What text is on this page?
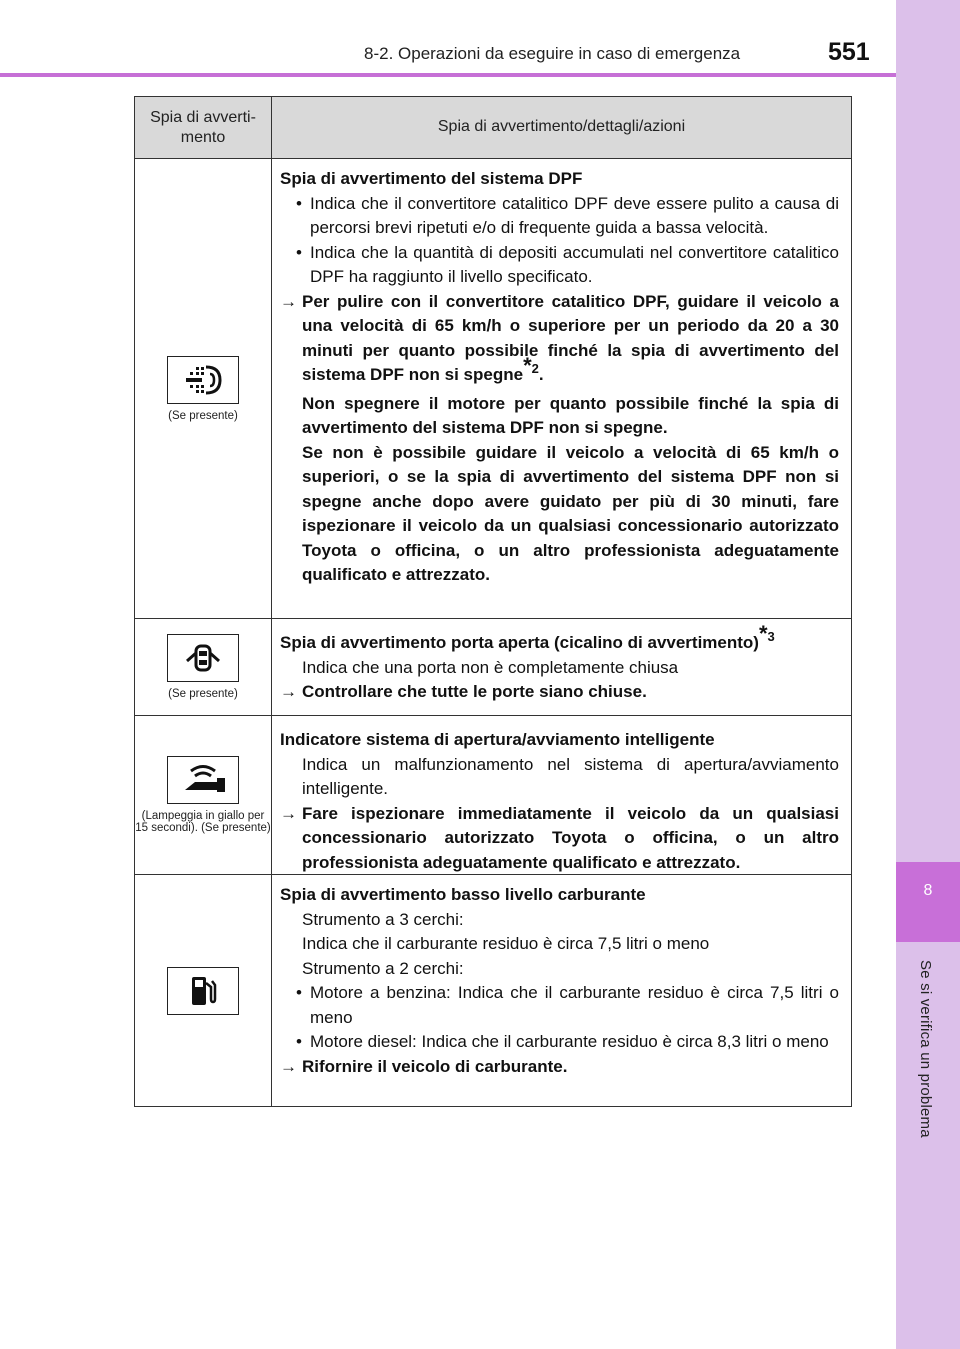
8-2. Operazioni da eseguire in caso di emergenza	551
8
Se si verifica un problema
Spia di avverti-
mento
Spia di avvertimento/dettagli/azioni
(Se presente)
Spia di avvertimento del sistema DPF
• Indica che il convertitore catalitico DPF deve essere pulito a causa di percorsi brevi ripetuti e/o di frequente guida a bassa velocità.
• Indica che la quantità di depositi accumulati nel convertitore catalitico DPF ha raggiunto il livello specificato.
→ Per pulire con il convertitore catalitico DPF, guidare il veicolo a una velocità di 65 km/h o superiore per un periodo da 20 a 30 minuti per quanto possibile finché la spia di avvertimento del sistema DPF non si spegne$^{*2}$.
Non spegnere il motore per quanto possibile finché la spia di avvertimento del sistema DPF non si spegne.
Se non è possibile guidare il veicolo a velocità di 65 km/h o superiori, o se la spia di avvertimento del sistema DPF non si spegne anche dopo avere guidato per più di 30 minuti, fare ispezionare il veicolo da un qualsiasi concessionario autorizzato Toyota o officina, o un altro professionista adeguatamente qualificato e attrezzato.
(Se presente)
Spia di avvertimento porta aperta (cicalino di avvertimento)$^{*3}$
Indica che una porta non è completamente chiusa
→ Controllare che tutte le porte siano chiuse.
(Lampeggia in giallo per 15 secondi). (Se presente)
Indicatore sistema di apertura/avviamento intelligente
Indica un malfunzionamento nel sistema di apertura/avviamento intelligente.
→ Fare ispezionare immediatamente il veicolo da un qualsiasi concessionario autorizzato Toyota o officina, o un altro professionista adeguatamente qualificato e attrezzato.
Spia di avvertimento basso livello carburante
Strumento a 3 cerchi:
Indica che il carburante residuo è circa 7,5 litri o meno
Strumento a 2 cerchi:
• Motore a benzina: Indica che il carburante residuo è circa 7,5 litri o meno
• Motore diesel: Indica che il carburante residuo è circa 8,3 litri o meno
→ Rifornire il veicolo di carburante.
